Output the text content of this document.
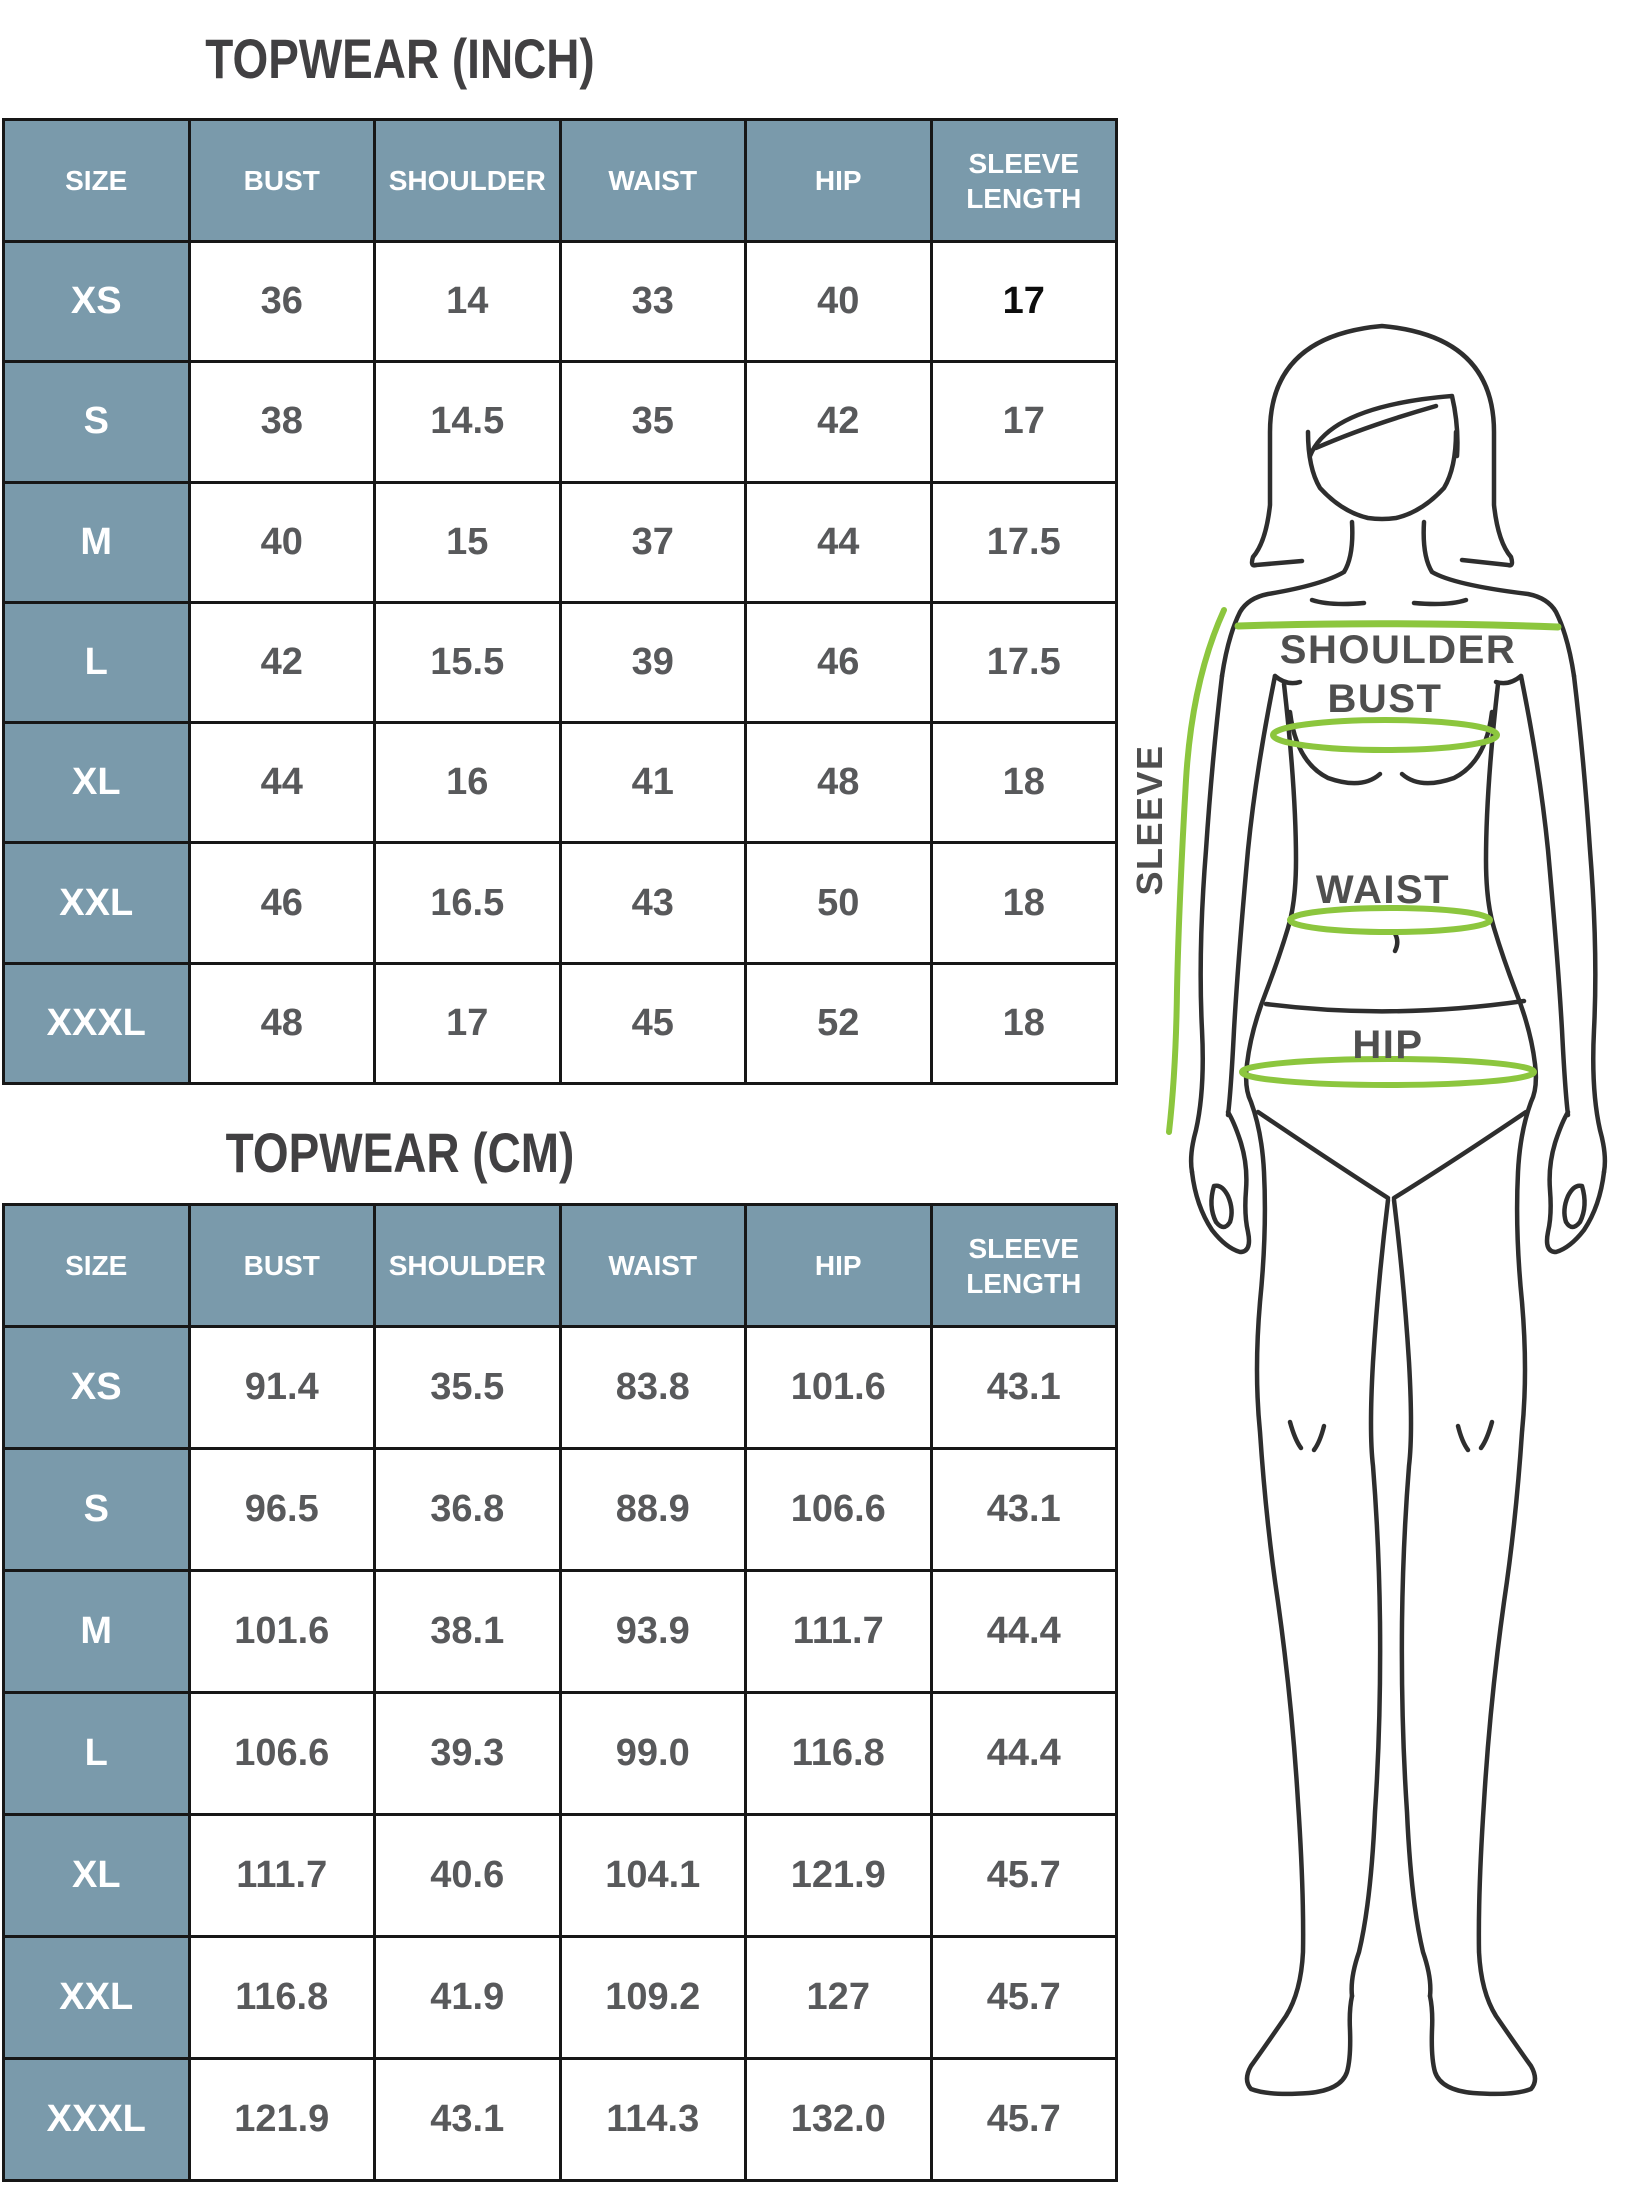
TOPWEAR (INCH)
SIZE	BUST	SHOULDER	WAIST	HIP	SLEEVE LENGTH
XS	36	14	33	40	17
S	38	14.5	35	42	17
M	40	15	37	44	17.5
L	42	15.5	39	46	17.5
XL	44	16	41	48	18
XXL	46	16.5	43	50	18
XXXL	48	17	45	52	18
TOPWEAR (CM)
SIZE	BUST	SHOULDER	WAIST	HIP	SLEEVE LENGTH
XS	91.4	35.5	83.8	101.6	43.1
S	96.5	36.8	88.9	106.6	43.1
M	101.6	38.1	93.9	111.7	44.4
L	106.6	39.3	99.0	116.8	44.4
XL	111.7	40.6	104.1	121.9	45.7
XXL	116.8	41.9	109.2	127	45.7
XXXL	121.9	43.1	114.3	132.0	45.7
SHOULDER
BUST
WAIST
HIP
SLEEVE
